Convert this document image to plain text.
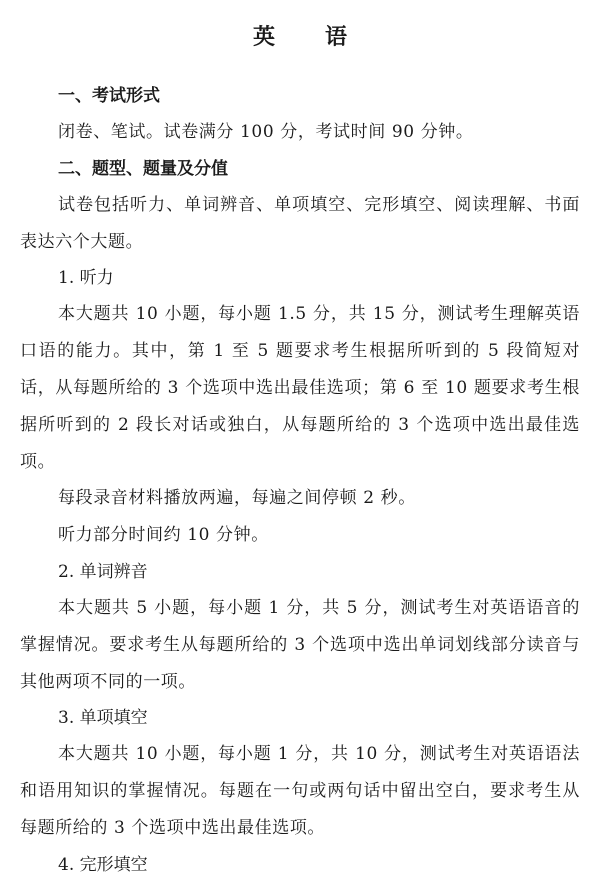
英　语
一、考试形式

闭卷、笔试。试卷满分 100 分，考试时间 90 分钟。

二、题型、题量及分值

试卷包括听力、单词辨音、单项填空、完形填空、阅读理解、书面表达六个大题。

1. 听力

本大题共 10 小题，每小题 1.5 分，共 15 分，测试考生理解英语口语的能力。其中，第 1 至 5 题要求考生根据所听到的 5 段简短对话，从每题所给的 3 个选项中选出最佳选项；第 6 至 10 题要求考生根据所听到的 2 段长对话或独白，从每题所给的 3 个选项中选出最佳选项。

每段录音材料播放两遍，每遍之间停顿 2 秒。

听力部分时间约 10 分钟。

2. 单词辨音

本大题共 5 小题，每小题 1 分，共 5 分，测试考生对英语语音的掌握情况。要求考生从每题所给的 3 个选项中选出单词划线部分读音与其他两项不同的一项。

3. 单项填空

本大题共 10 小题，每小题 1 分，共 10 分，测试考生对英语语法和语用知识的掌握情况。每题在一句或两句话中留出空白，要求考生从每题所给的 3 个选项中选出最佳选项。

4. 完形填空
